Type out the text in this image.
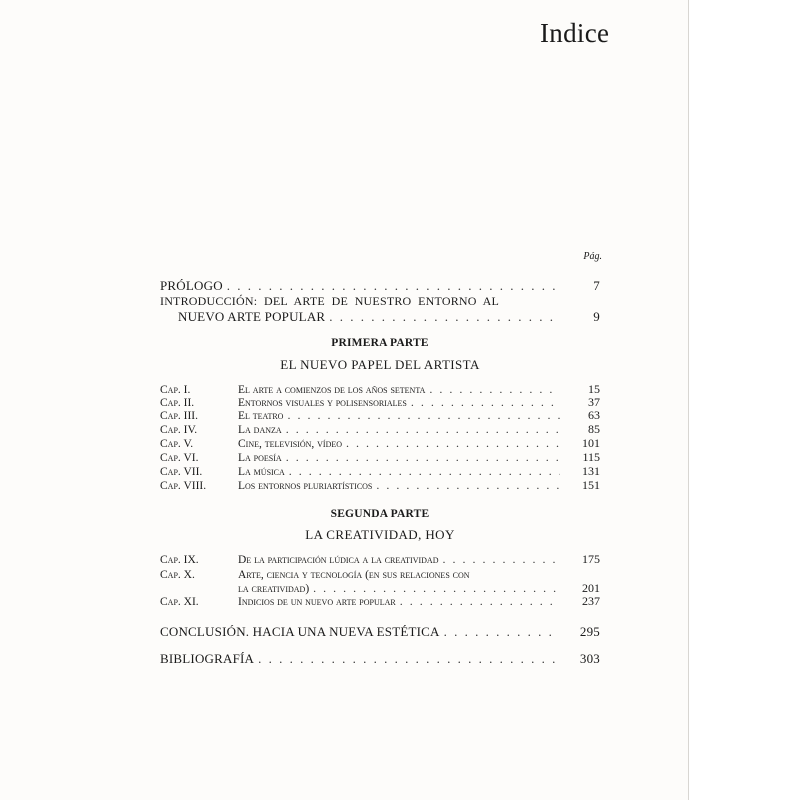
Indice
Pág.
PRÓLOGO . . .	7
INTRODUCCIÓN: DEL ARTE DE NUESTRO ENTORNO AL
NUEVO ARTE POPULAR . . .	9
PRIMERA PARTE
EL NUEVO PAPEL DEL ARTISTA
Cap. I.	El arte a comienzos de los años setenta . . .	15
Cap. II.	Entornos visuales y polisensoriales . . .	37
Cap. III.	El teatro . . .	63
Cap. IV.	La danza . . .	85
Cap. V.	Cine, televisión, vídeo . . .	101
Cap. VI.	La poesía . . .	115
Cap. VII.	La música . . .	131
Cap. VIII.	Los entornos pluriartísticos . . .	151
SEGUNDA PARTE
LA CREATIVIDAD, HOY
Cap. IX.	De la participación lúdica a la creatividad . . .	175
Cap. X.	Arte, ciencia y tecnología (en sus relaciones con
la creatividad) . . .	201
Cap. XI.	Indicios de un nuevo arte popular . . .	237
CONCLUSIÓN. HACIA UNA NUEVA ESTÉTICA . . .	295
BIBLIOGRAFÍA . . .	303
